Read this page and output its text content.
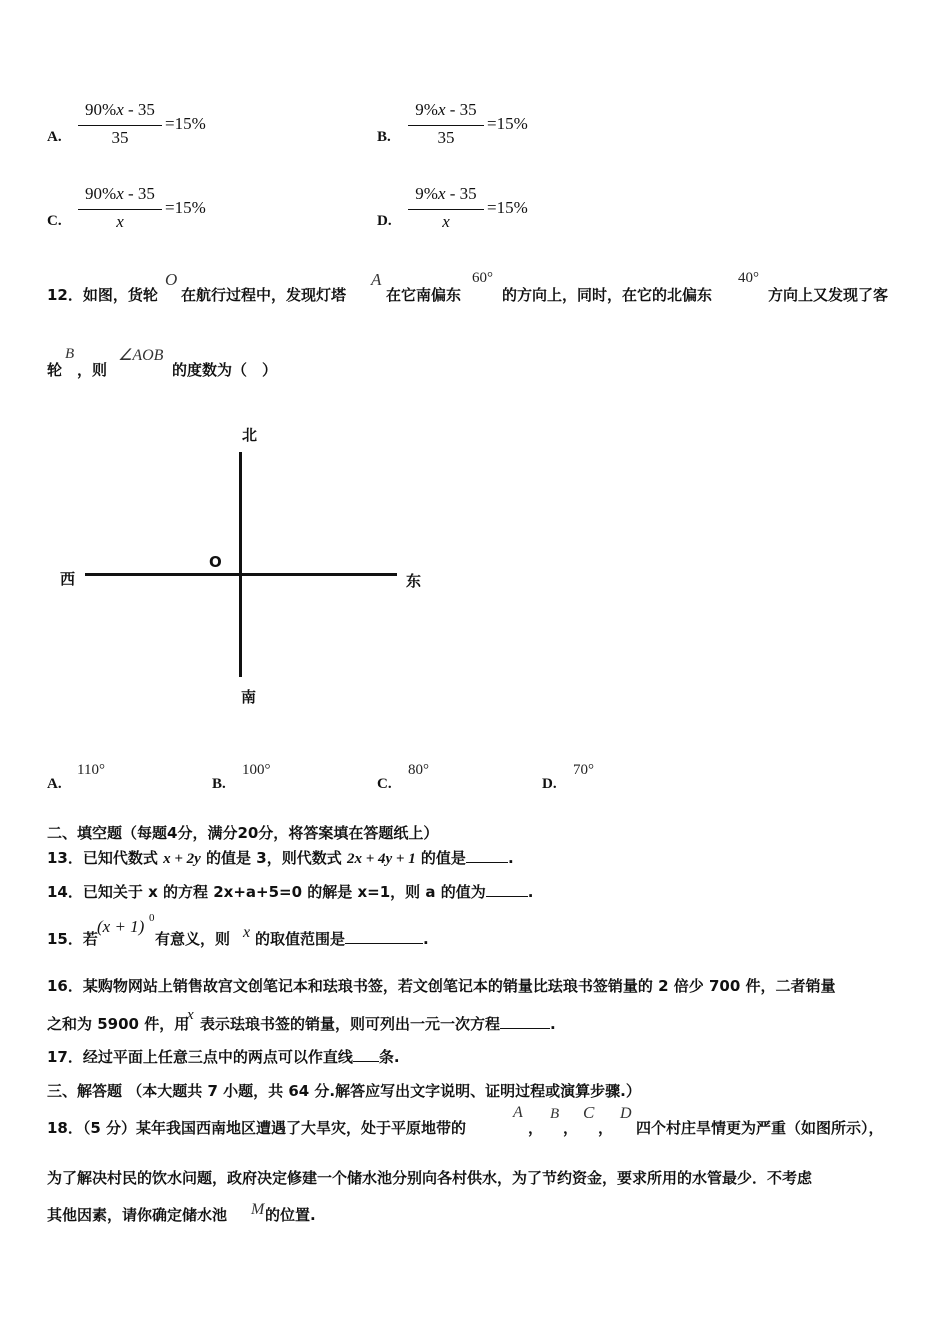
A.
90%x - 35
35
=15%
B.
9%x - 35
35
=15%
C.
90%x - 35
x
=15%
D.
9%x - 35
x
=15%
12．如图，货轮
O
在航行过程中，发现灯塔
A
在它南偏东
60°
的方向上，同时，在它的北偏东
40°
方向上又发现了客
轮
B
，则
∠AOB
的度数为（　）
北
南
东
西
O
A.
110°
B.
100°
C.
80°
D.
70°
二、填空题（每题4分，满分20分，将答案填在答题纸上）
13．已知代数式 x + 2y 的值是 3，则代数式 2x + 4y + 1 的值是	.
14．已知关于 x 的方程 2x+a+5=0 的解是 x=1，则 a 的值为	.
15．若
(x + 1) 0
有意义，则 x 的取值范围是	.
16．某购物网站上销售故宫文创笔记本和珐琅书签，若文创笔记本的销量比珐琅书签销量的 2 倍少 700 件，二者销量
之和为 5900 件，用
x 表示珐琅书签的销量，则可列出一元一次方程	.
17．经过平面上任意三点中的两点可以作直线 条.
三、解答题 （本大题共 7 小题，共 64 分.解答应写出文字说明、证明过程或演算步骤.）
18．（5 分）某年我国西南地区遭遇了大旱灾，处于平原地带的
A
，
B
，
C
，
D
四个村庄旱情更为严重（如图所示），
为了解决村民的饮水问题，政府决定修建一个储水池分别向各村供水，为了节约资金，要求所用的水管最少．不考虑
其他因素，请你确定储水池 M 的位置.
